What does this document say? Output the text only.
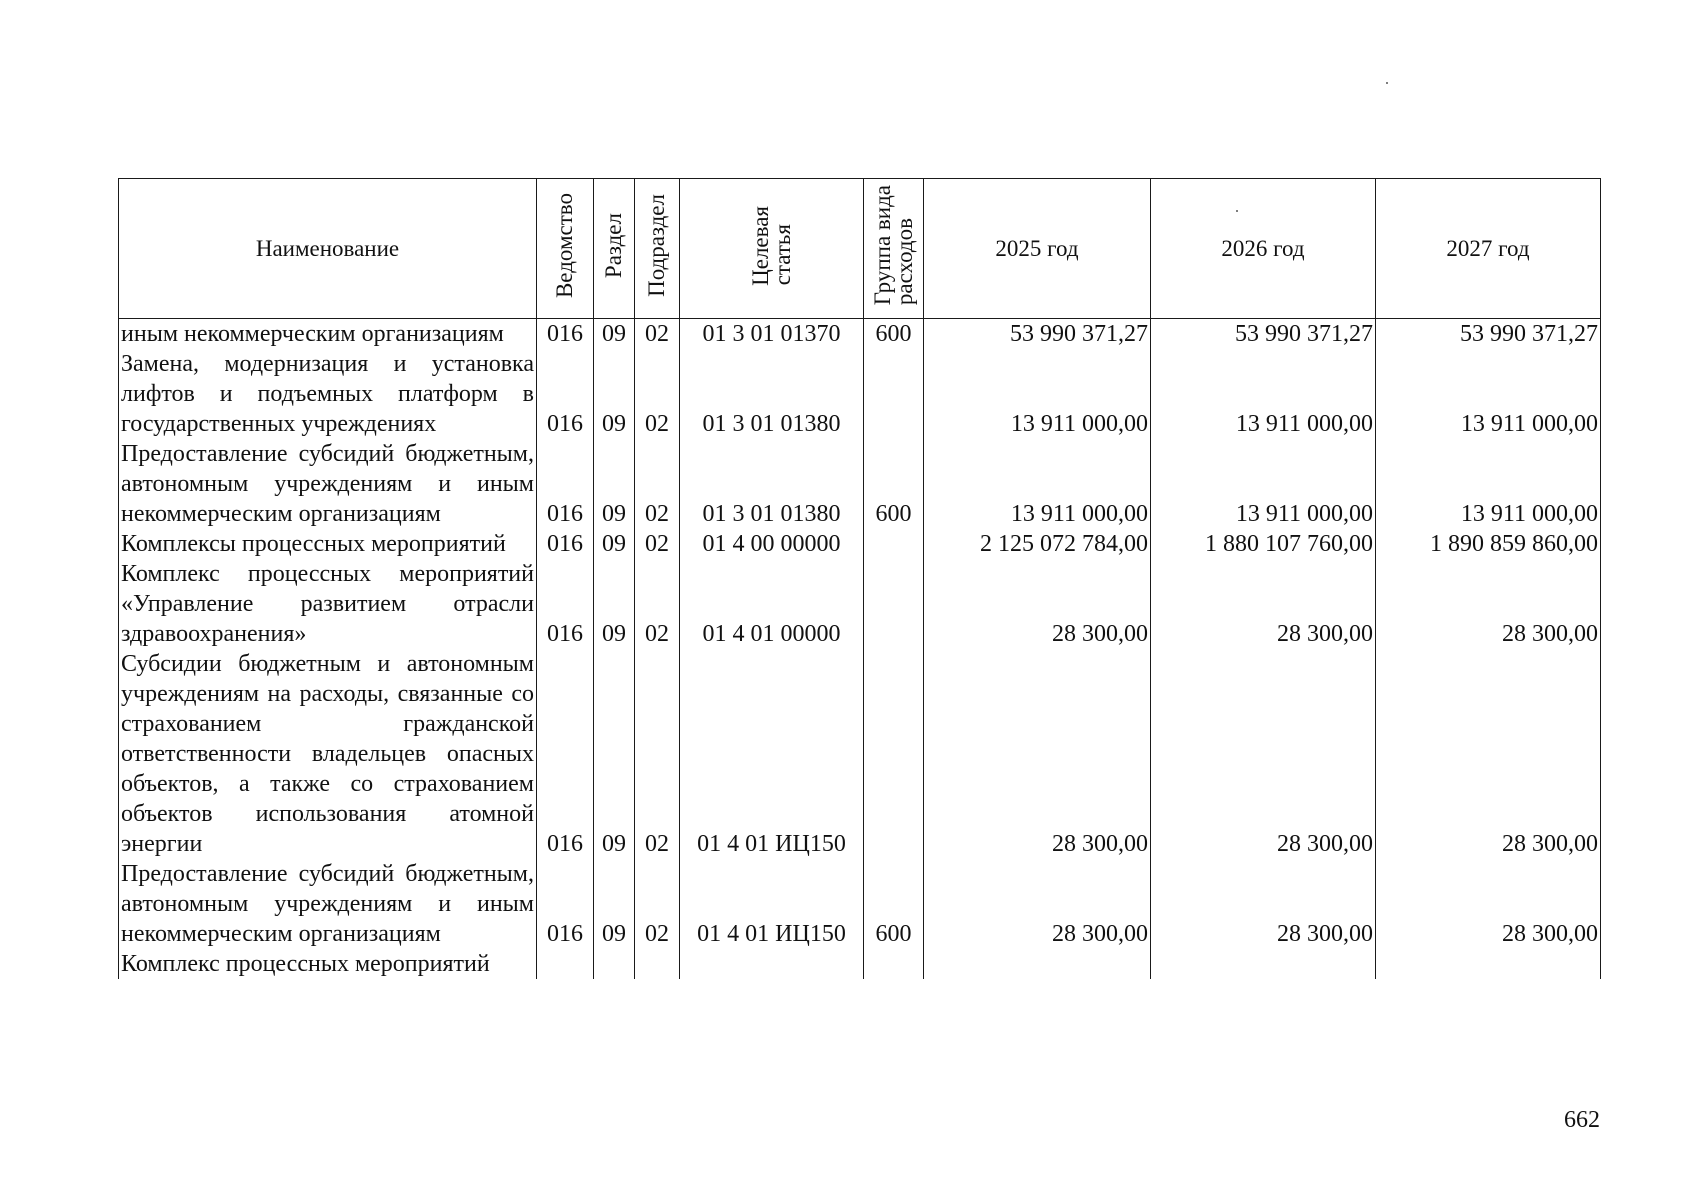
Наименование	Ведомство	Раздел	Подраздел	Целеваястатья	Группа видарасходов	2025 год	2026 год	2027 год
иным некоммерческим организациям	016	09	02	01 3 01 01370	600	53 990 371,27	53 990 371,27	53 990 371,27
Замена, модернизация и установка лифтов и подъемных платформ в государственных учреждениях	016	09	02	01 3 01 01380		13 911 000,00	13 911 000,00	13 911 000,00
Предоставление субсидий бюджетным, автономным учреждениям и иным некоммерческим организациям	016	09	02	01 3 01 01380	600	13 911 000,00	13 911 000,00	13 911 000,00
Комплексы процессных мероприятий	016	09	02	01 4 00 00000		2 125 072 784,00	1 880 107 760,00	1 890 859 860,00
Комплекс процессных мероприятий «Управление развитием отрасли здравоохранения»	016	09	02	01 4 01 00000		28 300,00	28 300,00	28 300,00
Субсидии бюджетным и автономным учреждениям на расходы, связанные со страхованием гражданской ответственности владельцев опасных объектов, а также со страхованием объектов использования атомной энергии	016	09	02	01 4 01 ИЦ150		28 300,00	28 300,00	28 300,00
Предоставление субсидий бюджетным, автономным учреждениям и иным некоммерческим организациям	016	09	02	01 4 01 ИЦ150	600	28 300,00	28 300,00	28 300,00
Комплекс процессных мероприятий								
662
